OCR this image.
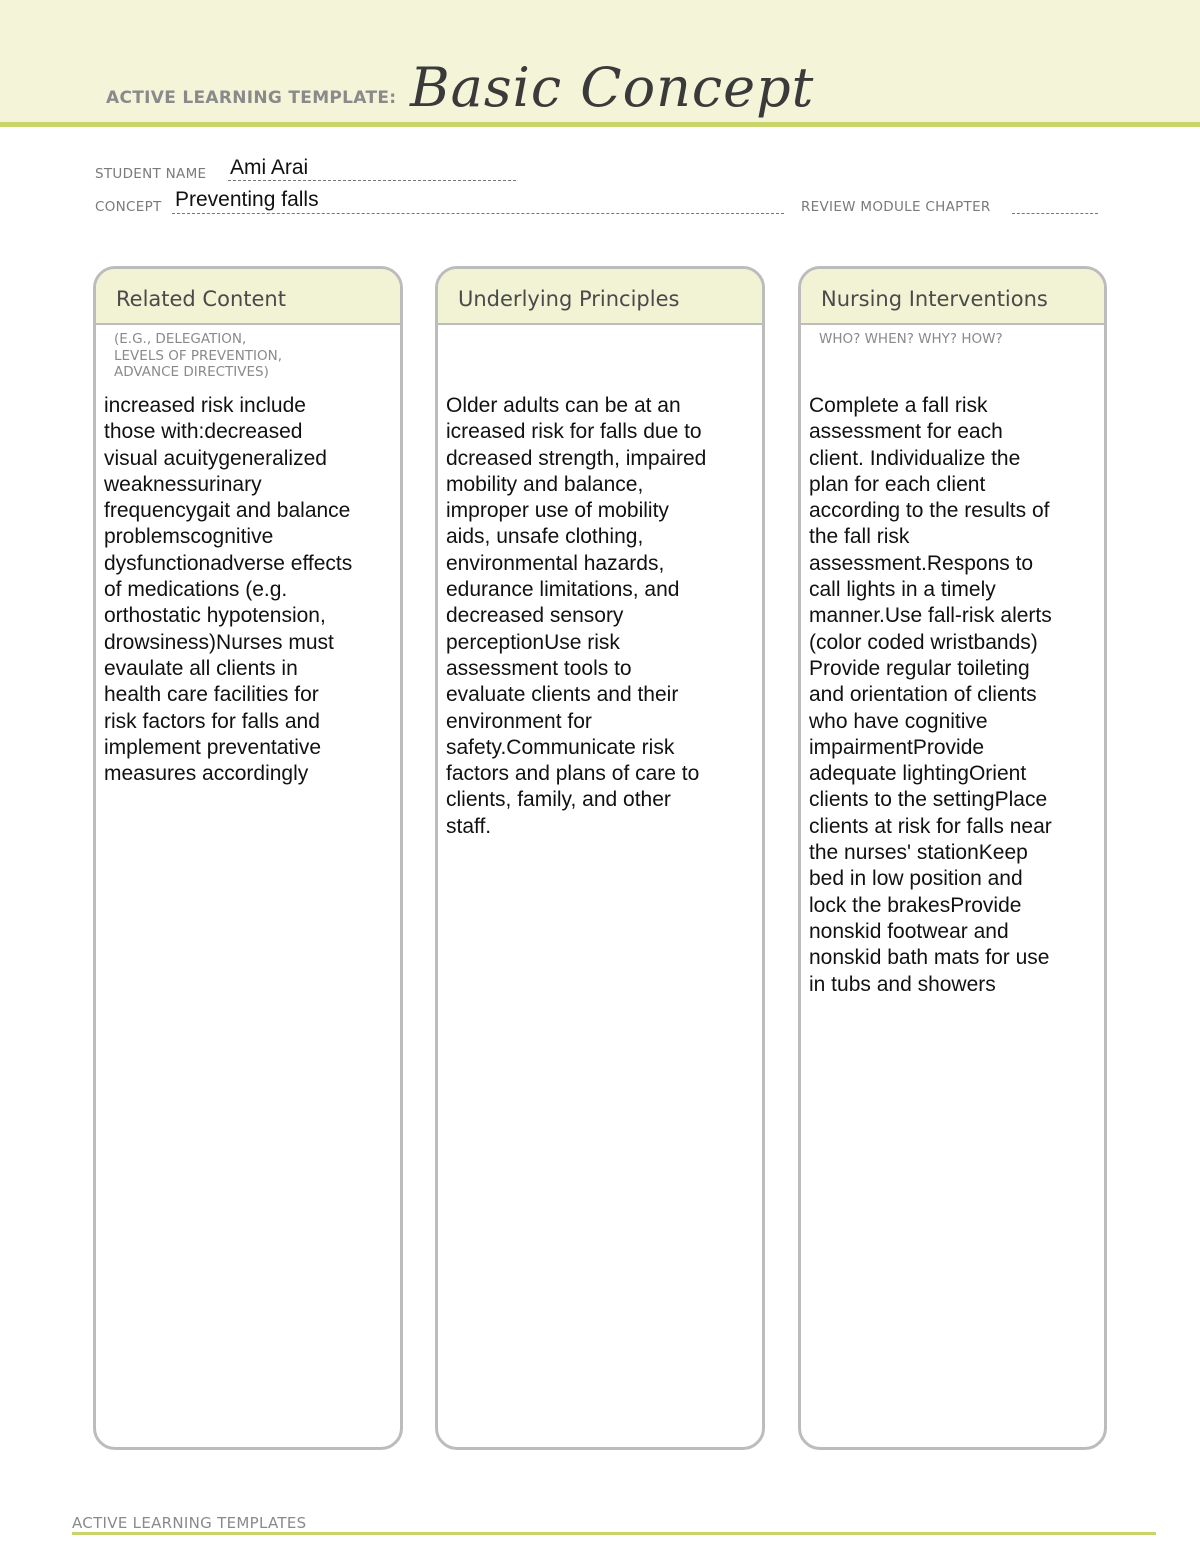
ACTIVE LEARNING TEMPLATE: Basic Concept
STUDENT NAME Ami Arai
CONCEPT Preventing falls	REVIEW MODULE CHAPTER
Related Content
(E.G., DELEGATION,
LEVELS OF PREVENTION,
ADVANCE DIRECTIVES)
increased risk include
those with:decreased
visual acuitygeneralized
weaknessurinary
frequencygait and balance
problemscognitive
dysfunctionadverse effects
of medications (e.g.
orthostatic hypotension,
drowsiness)Nurses must
evaulate all clients in
health care facilities for
risk factors for falls and
implement preventative
measures accordingly
Underlying Principles
Older adults can be at an
icreased risk for falls due to
dcreased strength, impaired
mobility and balance,
improper use of mobility
aids, unsafe clothing,
environmental hazards,
edurance limitations, and
decreased sensory
perceptionUse risk
assessment tools to
evaluate clients and their
environment for
safety.Communicate risk
factors and plans of care to
clients, family, and other
staff.
Nursing Interventions
WHO? WHEN? WHY? HOW?
Complete a fall risk
assessment for each
client. Individualize the
plan for each client
according to the results of
the fall risk
assessment.Respons to
call lights in a timely
manner.Use fall-risk alerts
(color coded wristbands)
Provide regular toileting
and orientation of clients
who have cognitive
impairmentProvide
adequate lightingOrient
clients to the settingPlace
clients at risk for falls near
the nurses' stationKeep
bed in low position and
lock the brakesProvide
nonskid footwear and
nonskid bath mats for use
in tubs and showers
ACTIVE LEARNING TEMPLATES
